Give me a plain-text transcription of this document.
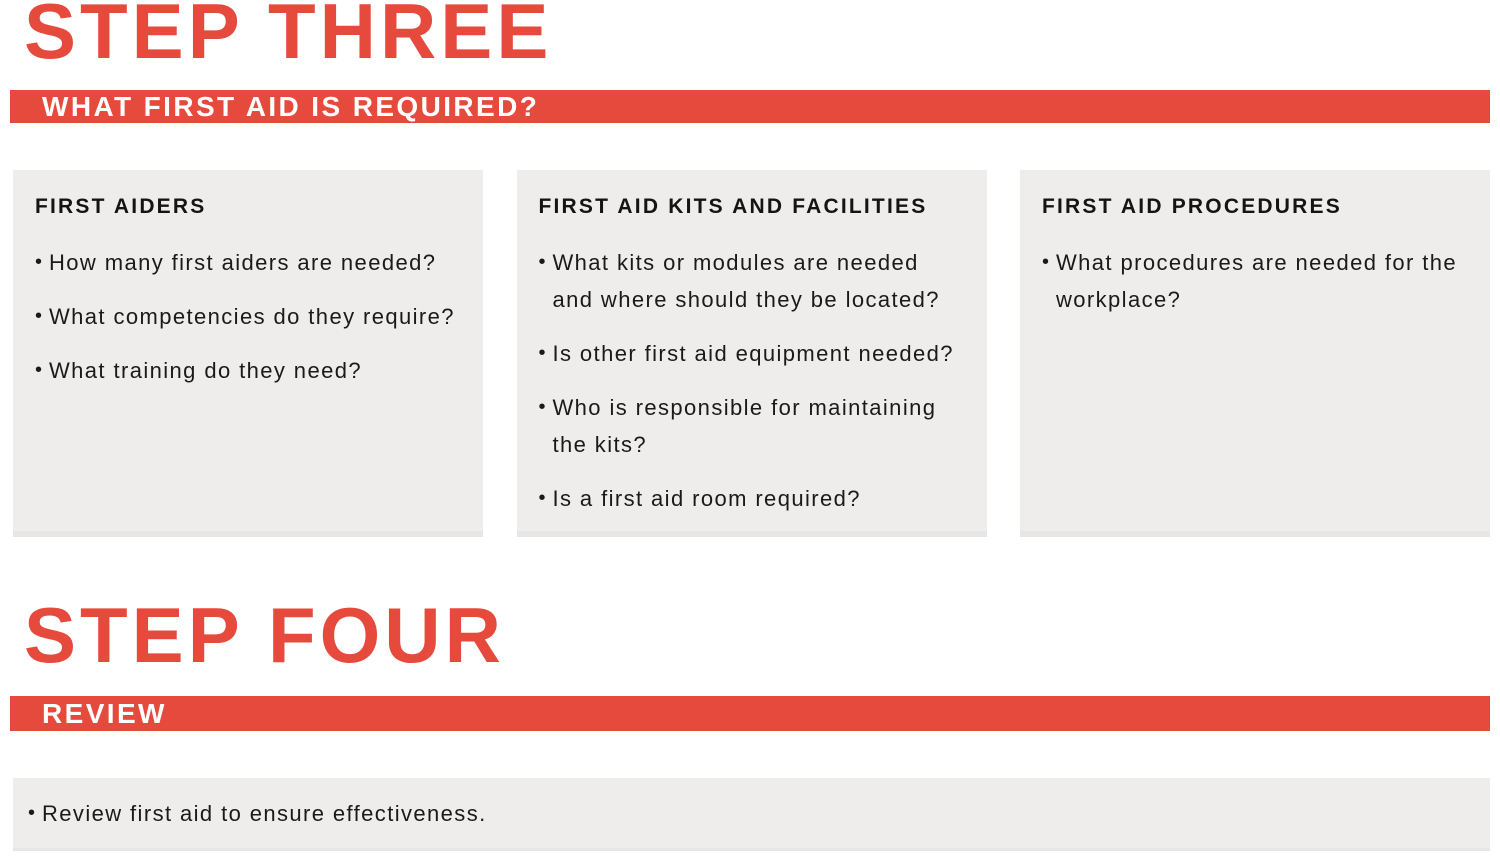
STEP THREE
WHAT FIRST AID IS REQUIRED?
FIRST AIDERS
• How many first aiders are needed?
• What competencies do they require?
• What training do they need?
FIRST AID KITS AND FACILITIES
• What kits or modules are needed and where should they be located?
• Is other first aid equipment needed?
• Who is responsible for maintaining the kits?
• Is a first aid room required?
FIRST AID PROCEDURES
• What procedures are needed for the workplace?
STEP FOUR
REVIEW
• Review first aid to ensure effectiveness.
